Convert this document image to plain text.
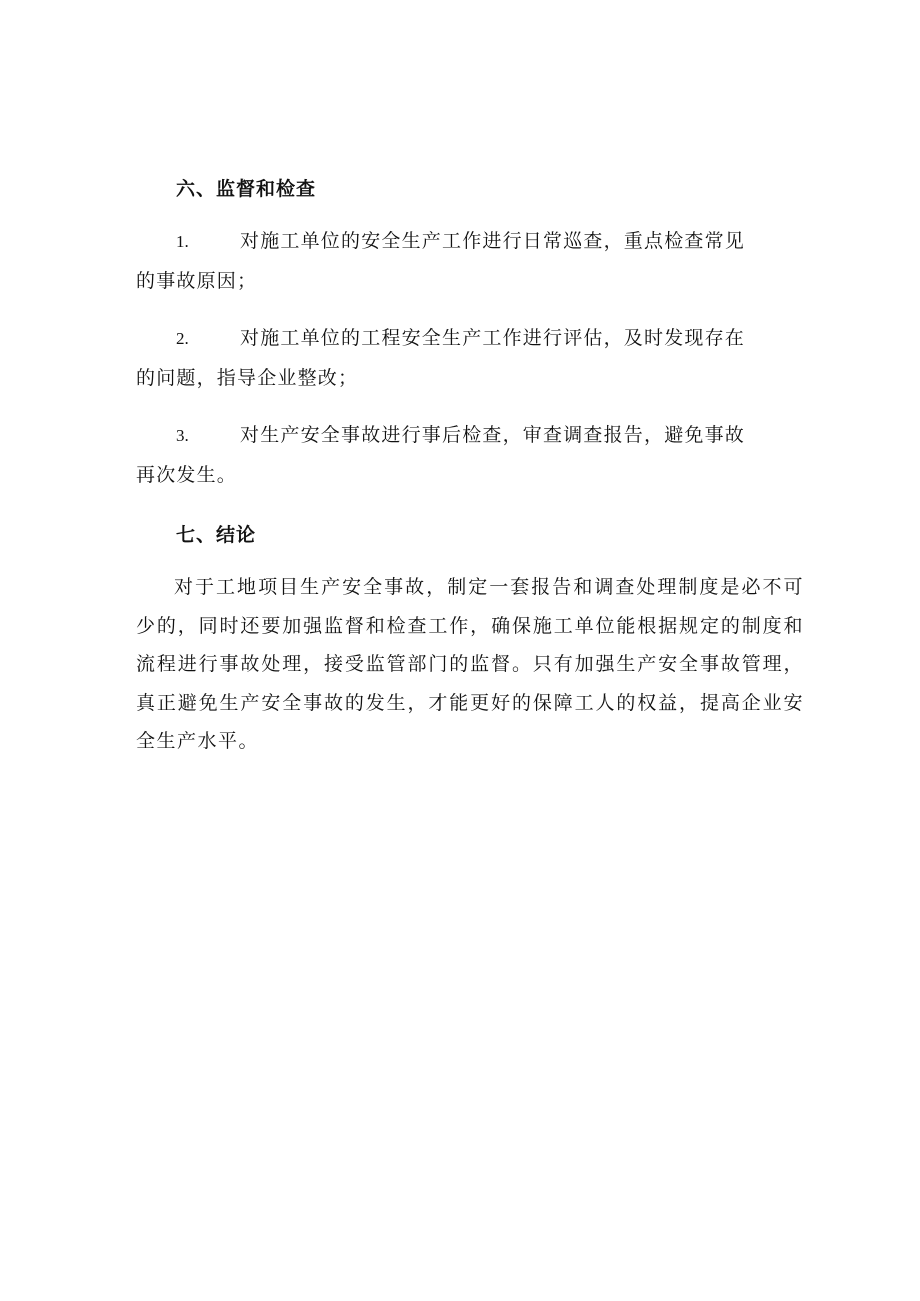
六、监督和检查
1.	对施工单位的安全生产工作进行日常巡查，重点检查常见
的事故原因；
2.	对施工单位的工程安全生产工作进行评估，及时发现存在
的问题，指导企业整改；
3.	对生产安全事故进行事后检查，审查调查报告，避免事故
再次发生。
七、结论
对于工地项目生产安全事故，制定一套报告和调查处理制度是必不可少的，同时还要加强监督和检查工作，确保施工单位能根据规定的制度和流程进行事故处理，接受监管部门的监督。只有加强生产安全事故管理，真正避免生产安全事故的发生，才能更好的保障工人的权益，提高企业安全生产水平。
